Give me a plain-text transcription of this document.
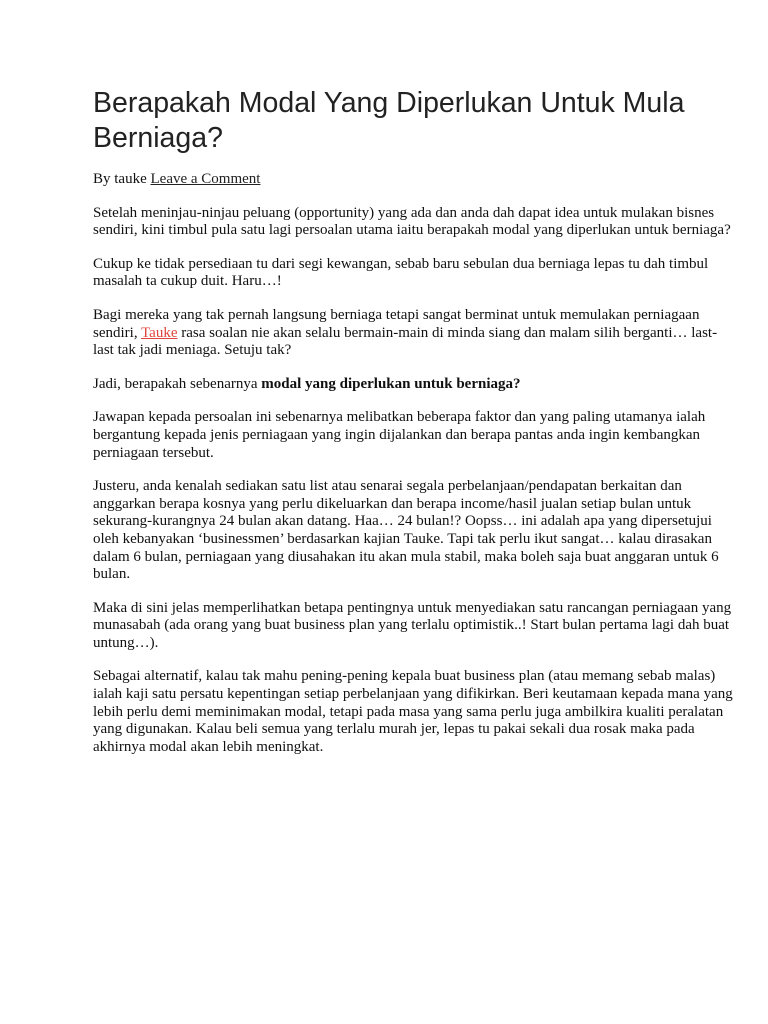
Berapakah Modal Yang Diperlukan Untuk Mula Berniaga?
By tauke Leave a Comment

Setelah meninjau-ninjau peluang (opportunity) yang ada dan anda dah dapat idea untuk mulakan bisnes sendiri, kini timbul pula satu lagi persoalan utama iaitu berapakah modal yang diperlukan untuk berniaga?

Cukup ke tidak persediaan tu dari segi kewangan, sebab baru sebulan dua berniaga lepas tu dah timbul masalah ta cukup duit. Haru…!

Bagi mereka yang tak pernah langsung berniaga tetapi sangat berminat untuk memulakan perniagaan sendiri, Tauke rasa soalan nie akan selalu bermain-main di minda siang dan malam silih berganti… last-last tak jadi meniaga. Setuju tak?

Jadi, berapakah sebenarnya modal yang diperlukan untuk berniaga?

Jawapan kepada persoalan ini sebenarnya melibatkan beberapa faktor dan yang paling utamanya ialah bergantung kepada jenis perniagaan yang ingin dijalankan dan berapa pantas anda ingin kembangkan perniagaan tersebut.

Justeru, anda kenalah sediakan satu list atau senarai segala perbelanjaan/pendapatan berkaitan dan anggarkan berapa kosnya yang perlu dikeluarkan dan berapa income/hasil jualan setiap bulan untuk sekurang-kurangnya 24 bulan akan datang. Haa… 24 bulan!? Oopss… ini adalah apa yang dipersetujui oleh kebanyakan ‘businessmen’ berdasarkan kajian Tauke. Tapi tak perlu ikut sangat… kalau dirasakan dalam 6 bulan, perniagaan yang diusahakan itu akan mula stabil, maka boleh saja buat anggaran untuk 6 bulan.

Maka di sini jelas memperlihatkan betapa pentingnya untuk menyediakan satu rancangan perniagaan yang munasabah (ada orang yang buat business plan yang terlalu optimistik..! Start bulan pertama lagi dah buat untung…).

Sebagai alternatif, kalau tak mahu pening-pening kepala buat business plan (atau memang sebab malas) ialah kaji satu persatu kepentingan setiap perbelanjaan yang difikirkan. Beri keutamaan kepada mana yang lebih perlu demi meminimakan modal, tetapi pada masa yang sama perlu juga ambilkira kualiti peralatan yang digunakan. Kalau beli semua yang terlalu murah jer, lepas tu pakai sekali dua rosak maka pada akhirnya modal akan lebih meningkat.
